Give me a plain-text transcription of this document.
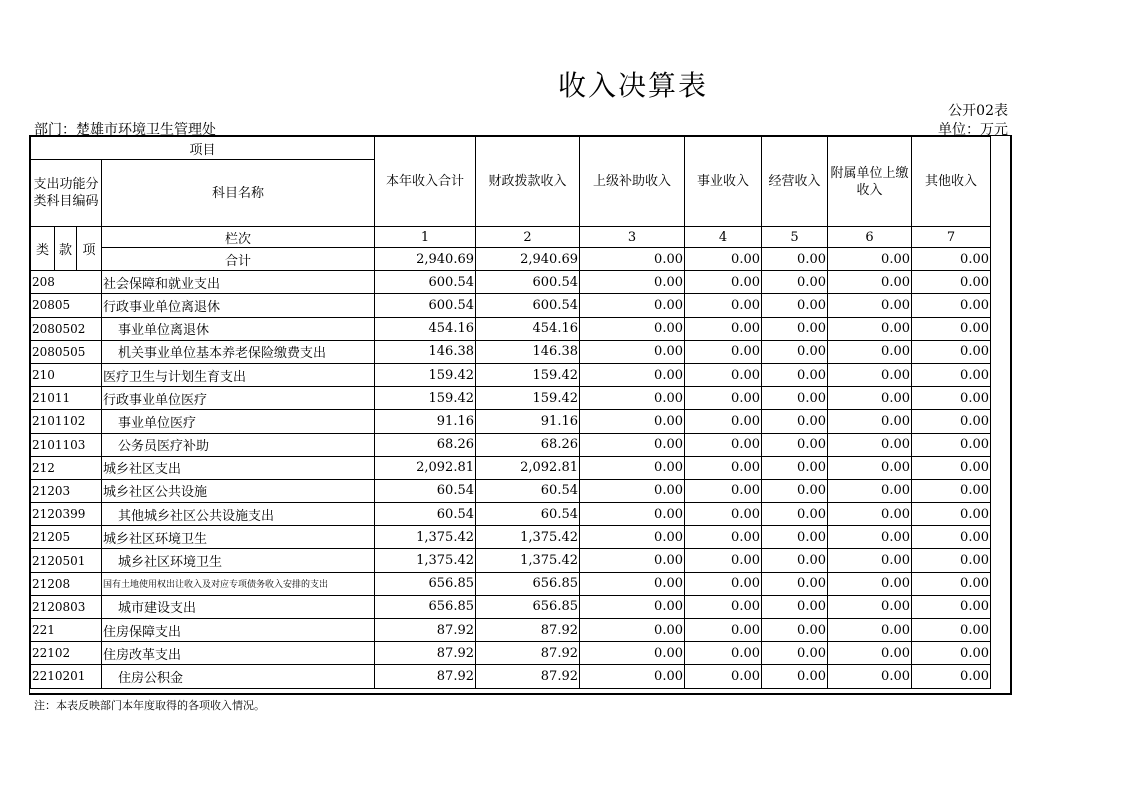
收入决算表
公开02表
单位：万元
部门：楚雄市环境卫生管理处
项目				本年收入合计	财政拨款收入	上级补助收入	事业收入	经营收入	附属单位上缴收入	其他收入
支出功能分类科目编码			科目名称							
类	款	项	栏次	1	2	3	4	5	6	7
			合计	2,940.69	2,940.69	0.00	0.00	0.00	0.00	0.00
208			社会保障和就业支出	600.54	600.54	0.00	0.00	0.00	0.00	0.00
20805			行政事业单位离退休	600.54	600.54	0.00	0.00	0.00	0.00	0.00
2080502			事业单位离退休	454.16	454.16	0.00	0.00	0.00	0.00	0.00
2080505			机关事业单位基本养老保险缴费支出	146.38	146.38	0.00	0.00	0.00	0.00	0.00
210			医疗卫生与计划生育支出	159.42	159.42	0.00	0.00	0.00	0.00	0.00
21011			行政事业单位医疗	159.42	159.42	0.00	0.00	0.00	0.00	0.00
2101102			事业单位医疗	91.16	91.16	0.00	0.00	0.00	0.00	0.00
2101103			公务员医疗补助	68.26	68.26	0.00	0.00	0.00	0.00	0.00
212			城乡社区支出	2,092.81	2,092.81	0.00	0.00	0.00	0.00	0.00
21203			城乡社区公共设施	60.54	60.54	0.00	0.00	0.00	0.00	0.00
2120399			其他城乡社区公共设施支出	60.54	60.54	0.00	0.00	0.00	0.00	0.00
21205			城乡社区环境卫生	1,375.42	1,375.42	0.00	0.00	0.00	0.00	0.00
2120501			城乡社区环境卫生	1,375.42	1,375.42	0.00	0.00	0.00	0.00	0.00
21208			国有土地使用权出让收入及对应专项债务收入安排的支出	656.85	656.85	0.00	0.00	0.00	0.00	0.00
2120803			城市建设支出	656.85	656.85	0.00	0.00	0.00	0.00	0.00
221			住房保障支出	87.92	87.92	0.00	0.00	0.00	0.00	0.00
22102			住房改革支出	87.92	87.92	0.00	0.00	0.00	0.00	0.00
2210201			住房公积金	87.92	87.92	0.00	0.00	0.00	0.00	0.00
注：本表反映部门本年度取得的各项收入情况。
